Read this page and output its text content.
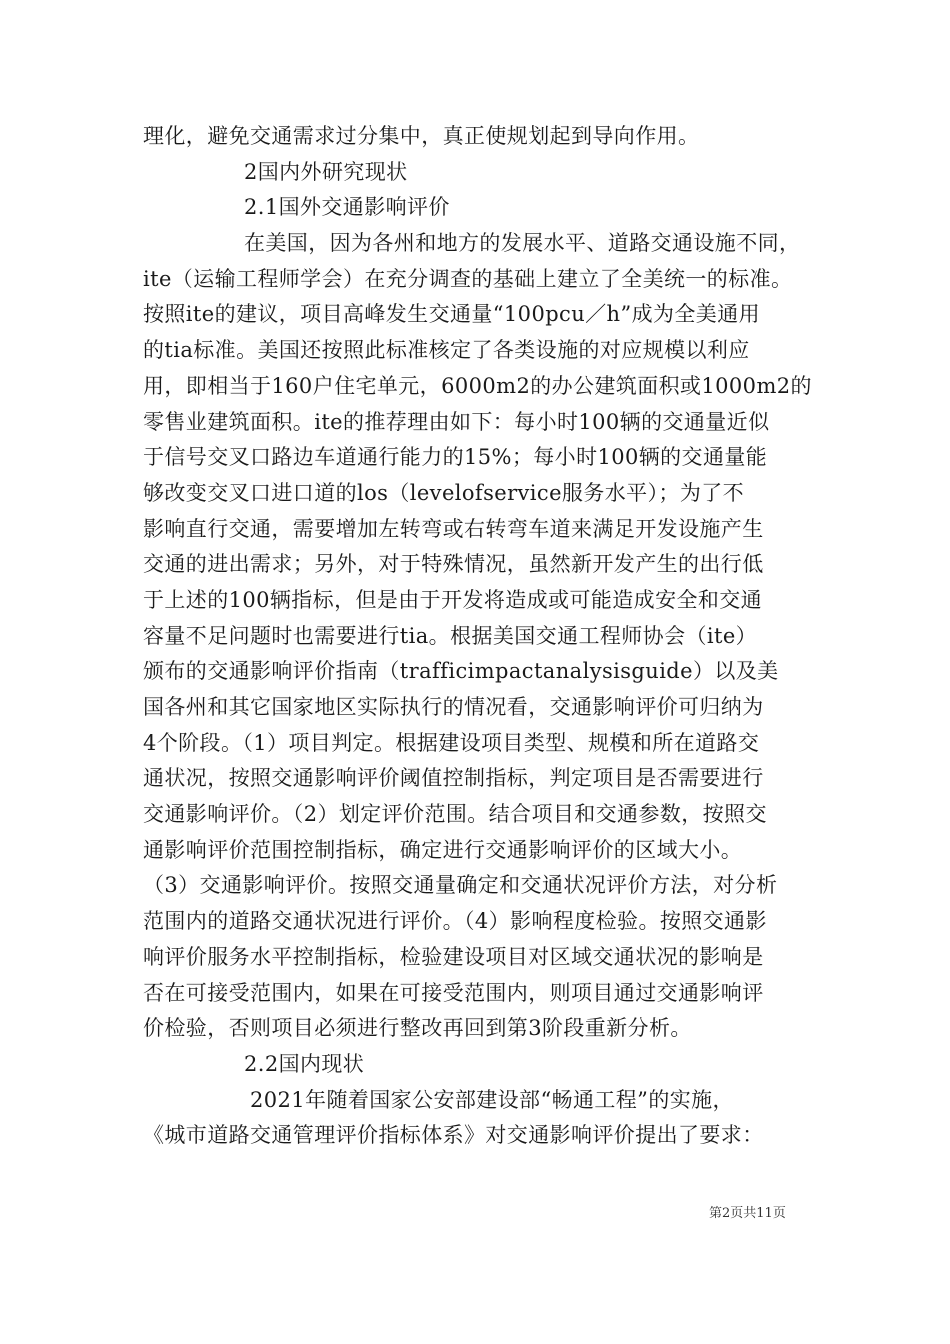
理化，避免交通需求过分集中，真正使规划起到导向作用。
2国内外研究现状
2.1国外交通影响评价
在美国，因为各州和地方的发展水平、道路交通设施不同，
ite（运输工程师学会）在充分调查的基础上建立了全美统一的标准。
按照ite的建议，项目高峰发生交通量“100pcu／h”成为全美通用
的tia标准。美国还按照此标准核定了各类设施的对应规模以利应
用，即相当于160户住宅单元，6000m2的办公建筑面积或1000m2的
零售业建筑面积。ite的推荐理由如下：每小时100辆的交通量近似
于信号交叉口路边车道通行能力的15%；每小时100辆的交通量能
够改变交叉口进口道的los（levelofservice服务水平）；为了不
影响直行交通，需要增加左转弯或右转弯车道来满足开发设施产生
交通的进出需求；另外，对于特殊情况，虽然新开发产生的出行低
于上述的100辆指标，但是由于开发将造成或可能造成安全和交通
容量不足问题时也需要进行tia。根据美国交通工程师协会（ite）
颁布的交通影响评价指南（trafficimpactanalysisguide）以及美
国各州和其它国家地区实际执行的情况看，交通影响评价可归纳为
4个阶段。（1）项目判定。根据建设项目类型、规模和所在道路交
通状况，按照交通影响评价阈值控制指标，判定项目是否需要进行
交通影响评价。（2）划定评价范围。结合项目和交通参数，按照交
通影响评价范围控制指标，确定进行交通影响评价的区域大小。
（3）交通影响评价。按照交通量确定和交通状况评价方法，对分析
范围内的道路交通状况进行评价。（4）影响程度检验。按照交通影
响评价服务水平控制指标，检验建设项目对区域交通状况的影响是
否在可接受范围内，如果在可接受范围内，则项目通过交通影响评
价检验，否则项目必须进行整改再回到第3阶段重新分析。
2.2国内现状
2021年随着国家公安部建设部“畅通工程”的实施，
《城市道路交通管理评价指标体系》对交通影响评价提出了要求：
第2页共11页
